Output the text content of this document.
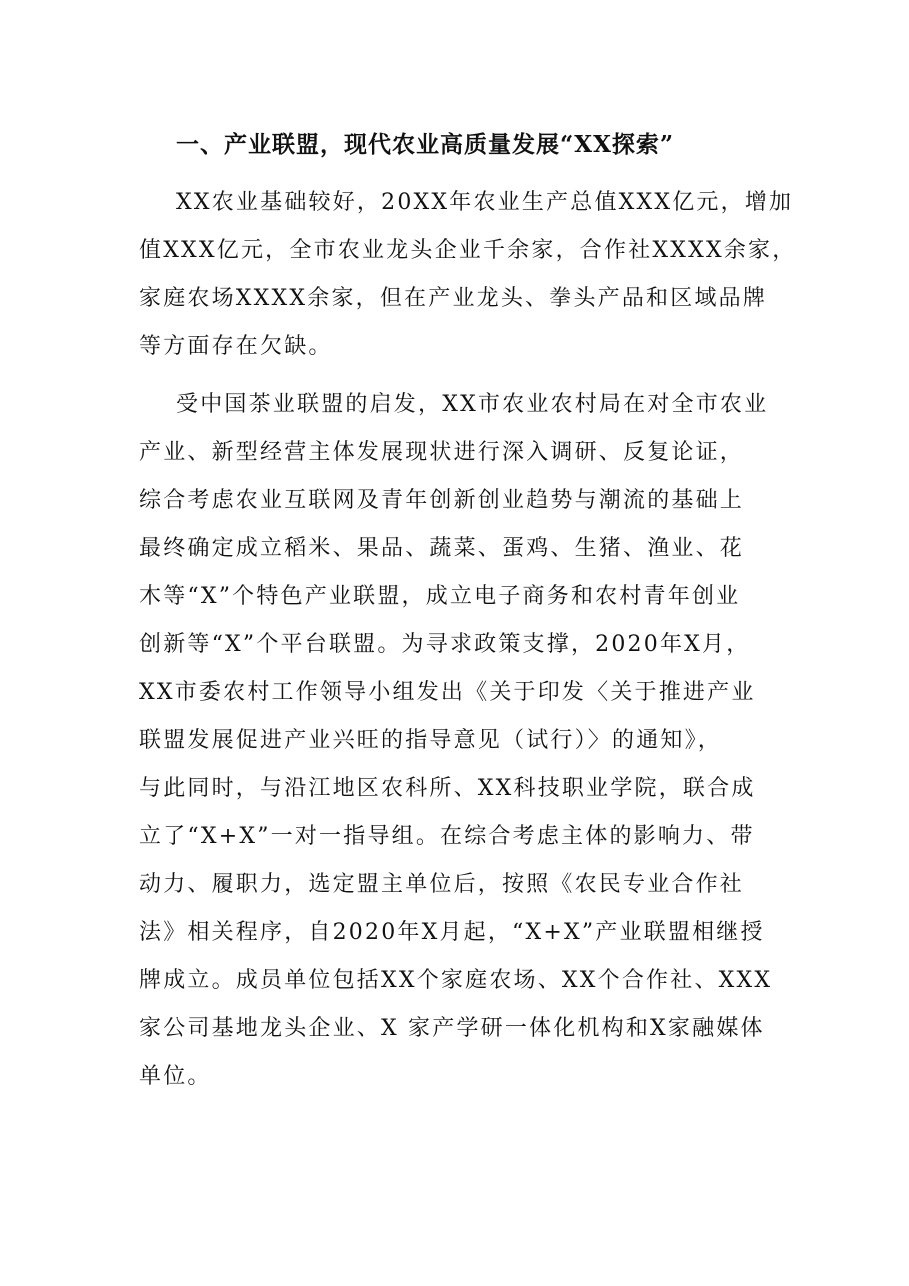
一、产业联盟，现代农业高质量发展“XX探索”
XX农业基础较好，20XX年农业生产总值XXX亿元，增加
值XXX亿元，全市农业龙头企业千余家，合作社XXXX余家，
家庭农场XXXX余家，但在产业龙头、拳头产品和区域品牌
等方面存在欠缺。
受中国茶业联盟的启发，XX市农业农村局在对全市农业
产业、新型经营主体发展现状进行深入调研、反复论证，
综合考虑农业互联网及青年创新创业趋势与潮流的基础上
最终确定成立稻米、果品、蔬菜、蛋鸡、生猪、渔业、花
木等“X”个特色产业联盟，成立电子商务和农村青年创业
创新等“X”个平台联盟。为寻求政策支撑，2020年X月，
XX市委农村工作领导小组发出《关于印发〈关于推进产业
联盟发展促进产业兴旺的指导意见（试行）〉的通知》，
与此同时，与沿江地区农科所、XX科技职业学院，联合成
立了“X+X”一对一指导组。在综合考虑主体的影响力、带
动力、履职力，选定盟主单位后，按照《农民专业合作社
法》相关程序，自2020年X月起，“X+X”产业联盟相继授
牌成立。成员单位包括XX个家庭农场、XX个合作社、XXX
家公司基地龙头企业、X 家产学研一体化机构和X家融媒体
单位。
